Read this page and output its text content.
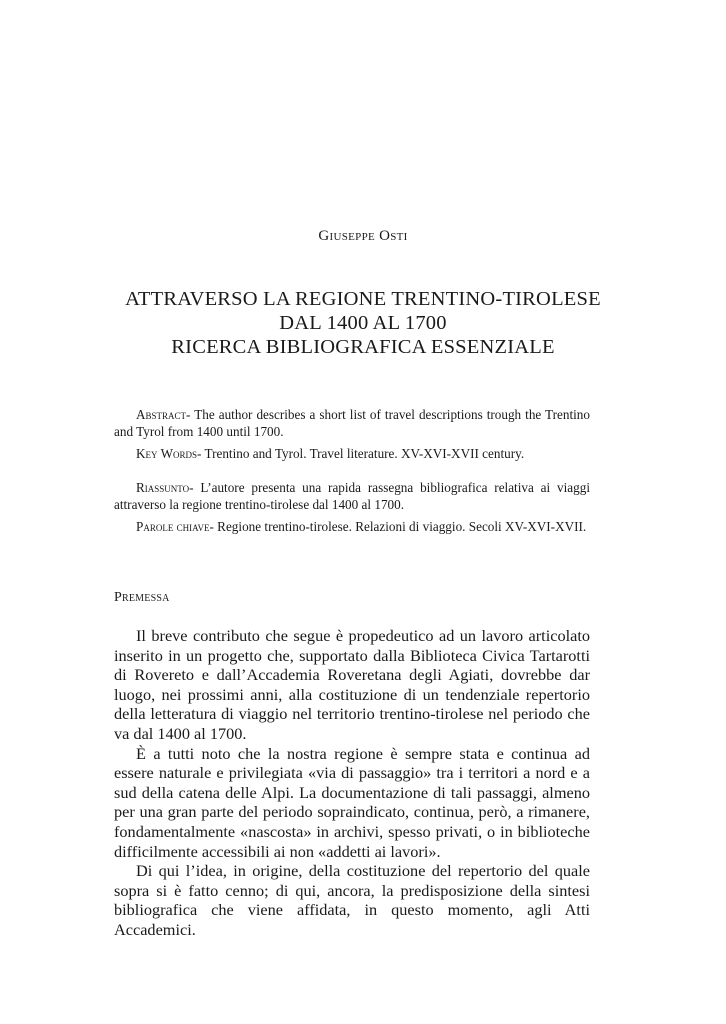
Giuseppe Osti
ATTRAVERSO LA REGIONE TRENTINO-TIROLESE
DAL 1400 AL 1700
RICERCA BIBLIOGRAFICA ESSENZIALE

Abstract- The author describes a short list of travel descriptions trough the Trentino and Tyrol from 1400 until 1700.

Key Words- Trentino and Tyrol. Travel literature. XV-XVI-XVII century.

Riassunto- L’autore presenta una rapida rassegna bibliografica relativa ai viaggi attraverso la regione trentino-tirolese dal 1400 al 1700.

Parole chiave- Regione trentino-tirolese. Relazioni di viaggio. Secoli XV-XVI-XVII.

Premessa

Il breve contributo che segue è propedeutico ad un lavoro articolato inserito in un progetto che, supportato dalla Biblioteca Civica Tartarotti di Rovereto e dall’Accademia Roveretana degli Agiati, dovrebbe dar luogo, nei prossimi anni, alla costituzione di un tendenziale repertorio della letteratura di viaggio nel territorio trentino-tirolese nel periodo che va dal 1400 al 1700.

È a tutti noto che la nostra regione è sempre stata e continua ad essere naturale e privilegiata «via di passaggio» tra i territori a nord e a sud della catena delle Alpi. La documentazione di tali passaggi, almeno per una gran parte del periodo sopraindicato, continua, però, a rimanere, fondamentalmente «nascosta» in archivi, spesso privati, o in biblioteche difficilmente accessibili ai non «addetti ai lavori».

Di qui l’idea, in origine, della costituzione del repertorio del quale sopra si è fatto cenno; di qui, ancora, la predisposizione della sintesi bibliografica che viene affidata, in questo momento, agli Atti Accademici.
